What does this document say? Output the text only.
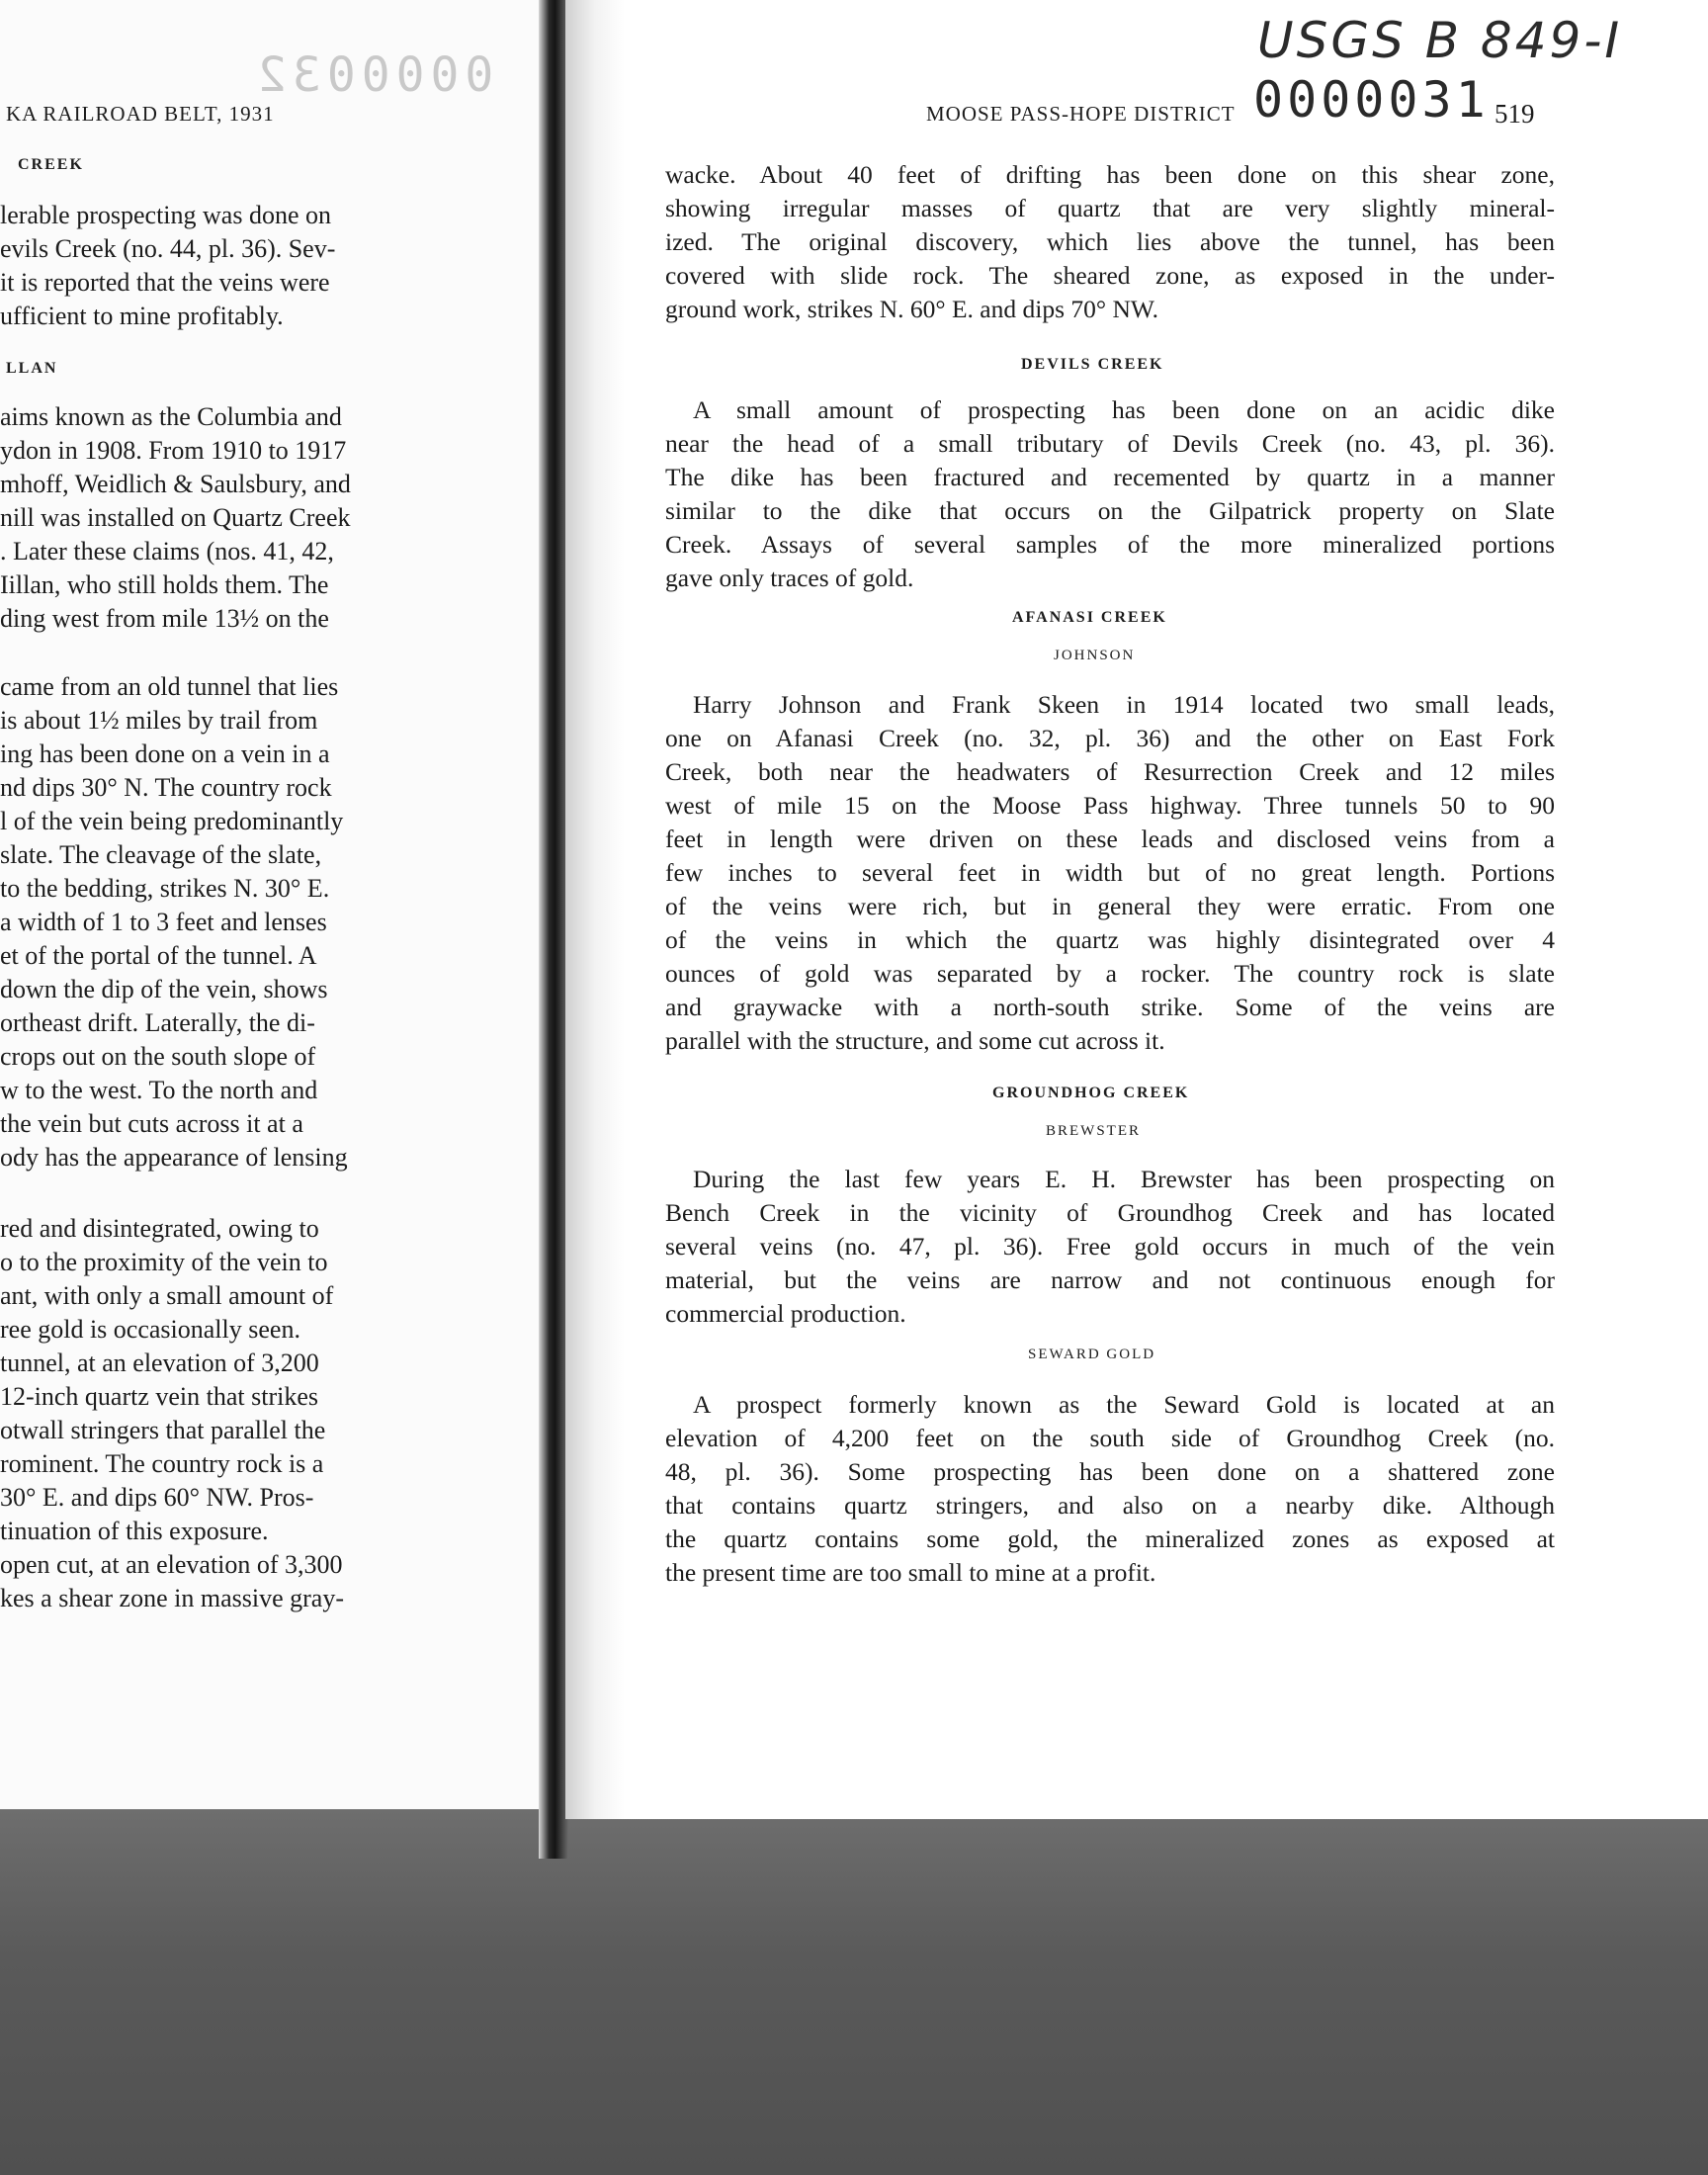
0000032
KA RAILROAD BELT, 1931
CREEK
lerable prospecting was done on
evils Creek (no. 44, pl. 36). Sev-
it is reported that the veins were
ufficient to mine profitably.
LLAN
aims known as the Columbia and
ydon in 1908. From 1910 to 1917
mhoff, Weidlich & Saulsbury, and
nill was installed on Quartz Creek
. Later these claims (nos. 41, 42,
Iillan, who still holds them. The
ding west from mile 13½ on the
came from an old tunnel that lies
is about 1½ miles by trail from
ing has been done on a vein in a
nd dips 30° N. The country rock
l of the vein being predominantly
slate. The cleavage of the slate,
to the bedding, strikes N. 30° E.
a width of 1 to 3 feet and lenses
et of the portal of the tunnel. A
down the dip of the vein, shows
ortheast drift. Laterally, the di-
crops out on the south slope of
w to the west. To the north and
the vein but cuts across it at a
ody has the appearance of lensing
red and disintegrated, owing to
o to the proximity of the vein to
ant, with only a small amount of
ree gold is occasionally seen.
tunnel, at an elevation of 3,200
12-inch quartz vein that strikes
otwall stringers that parallel the
rominent. The country rock is a
30° E. and dips 60° NW. Pros-
tinuation of this exposure.
open cut, at an elevation of 3,300
kes a shear zone in massive gray-
USGS B 849-I
MOOSE PASS-HOPE DISTRICT 0000031 519
wacke. About 40 feet of drifting has been done on this shear zone,
showing irregular masses of quartz that are very slightly mineral-
ized. The original discovery, which lies above the tunnel, has been
covered with slide rock. The sheared zone, as exposed in the under-
ground work, strikes N. 60° E. and dips 70° NW.
DEVILS CREEK
A small amount of prospecting has been done on an acidic dike
near the head of a small tributary of Devils Creek (no. 43, pl. 36).
The dike has been fractured and recemented by quartz in a manner
similar to the dike that occurs on the Gilpatrick property on Slate
Creek. Assays of several samples of the more mineralized portions
gave only traces of gold.
AFANASI CREEK
JOHNSON
Harry Johnson and Frank Skeen in 1914 located two small leads,
one on Afanasi Creek (no. 32, pl. 36) and the other on East Fork
Creek, both near the headwaters of Resurrection Creek and 12 miles
west of mile 15 on the Moose Pass highway. Three tunnels 50 to 90
feet in length were driven on these leads and disclosed veins from a
few inches to several feet in width but of no great length. Portions
of the veins were rich, but in general they were erratic. From one
of the veins in which the quartz was highly disintegrated over 4
ounces of gold was separated by a rocker. The country rock is slate
and graywacke with a north-south strike. Some of the veins are
parallel with the structure, and some cut across it.
GROUNDHOG CREEK
BREWSTER
During the last few years E. H. Brewster has been prospecting on
Bench Creek in the vicinity of Groundhog Creek and has located
several veins (no. 47, pl. 36). Free gold occurs in much of the vein
material, but the veins are narrow and not continuous enough for
commercial production.
SEWARD GOLD
A prospect formerly known as the Seward Gold is located at an
elevation of 4,200 feet on the south side of Groundhog Creek (no.
48, pl. 36). Some prospecting has been done on a shattered zone
that contains quartz stringers, and also on a nearby dike. Although
the quartz contains some gold, the mineralized zones as exposed at
the present time are too small to mine at a profit.
